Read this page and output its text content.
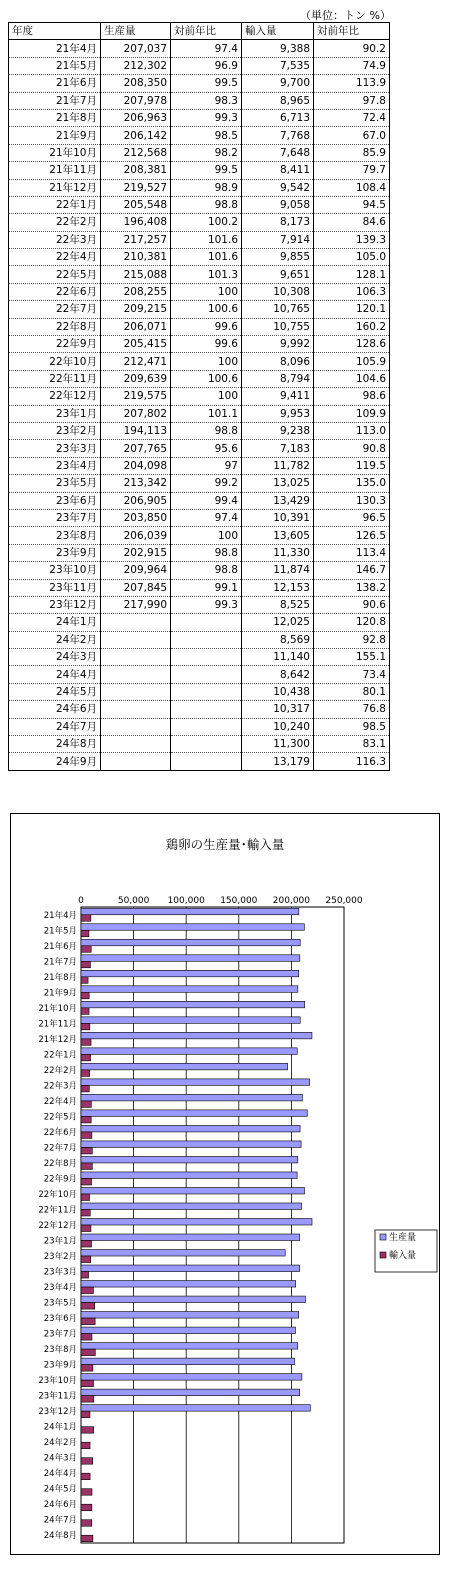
（単位：トン %）
年度	生産量	対前年比	輸入量	対前年比
21年4月	207,037	97.4	9,388	90.2
21年5月	212,302	96.9	7,535	74.9
21年6月	208,350	99.5	9,700	113.9
21年7月	207,978	98.3	8,965	97.8
21年8月	206,963	99.3	6,713	72.4
21年9月	206,142	98.5	7,768	67.0
21年10月	212,568	98.2	7,648	85.9
21年11月	208,381	99.5	8,411	79.7
21年12月	219,527	98.9	9,542	108.4
22年1月	205,548	98.8	9,058	94.5
22年2月	196,408	100.2	8,173	84.6
22年3月	217,257	101.6	7,914	139.3
22年4月	210,381	101.6	9,855	105.0
22年5月	215,088	101.3	9,651	128.1
22年6月	208,255	100	10,308	106.3
22年7月	209,215	100.6	10,765	120.1
22年8月	206,071	99.6	10,755	160.2
22年9月	205,415	99.6	9,992	128.6
22年10月	212,471	100	8,096	105.9
22年11月	209,639	100.6	8,794	104.6
22年12月	219,575	100	9,411	98.6
23年1月	207,802	101.1	9,953	109.9
23年2月	194,113	98.8	9,238	113.0
23年3月	207,765	95.6	7,183	90.8
23年4月	204,098	97	11,782	119.5
23年5月	213,342	99.2	13,025	135.0
23年6月	206,905	99.4	13,429	130.3
23年7月	203,850	97.4	10,391	96.5
23年8月	206,039	100	13,605	126.5
23年9月	202,915	98.8	11,330	113.4
23年10月	209,964	98.8	11,874	146.7
23年11月	207,845	99.1	12,153	138.2
23年12月	217,990	99.3	8,525	90.6
24年1月			12,025	120.8
24年2月			8,569	92.8
24年3月			11,140	155.1
24年4月			8,642	73.4
24年5月			10,438	80.1
24年6月			10,317	76.8
24年7月			10,240	98.5
24年8月			11,300	83.1
24年9月			13,179	116.3
鶏卵の生産量･輸入量
0	50,000 100,000 150,000 200,000 250,000
21年4月
21年5月
21年6月
21年7月
21年8月
21年9月
21年10月
21年11月
21年12月
22年1月
22年2月
22年3月
22年4月
22年5月
22年6月
22年7月
22年8月
22年9月
22年10月
22年11月
22年12月
23年1月
23年2月
23年3月
23年4月
23年5月
23年6月
23年7月
23年8月
23年9月
23年10月
23年11月
23年12月
24年1月
24年2月
24年3月
24年4月
24年5月
24年6月
24年7月
24年8月
生産量
輸入量
